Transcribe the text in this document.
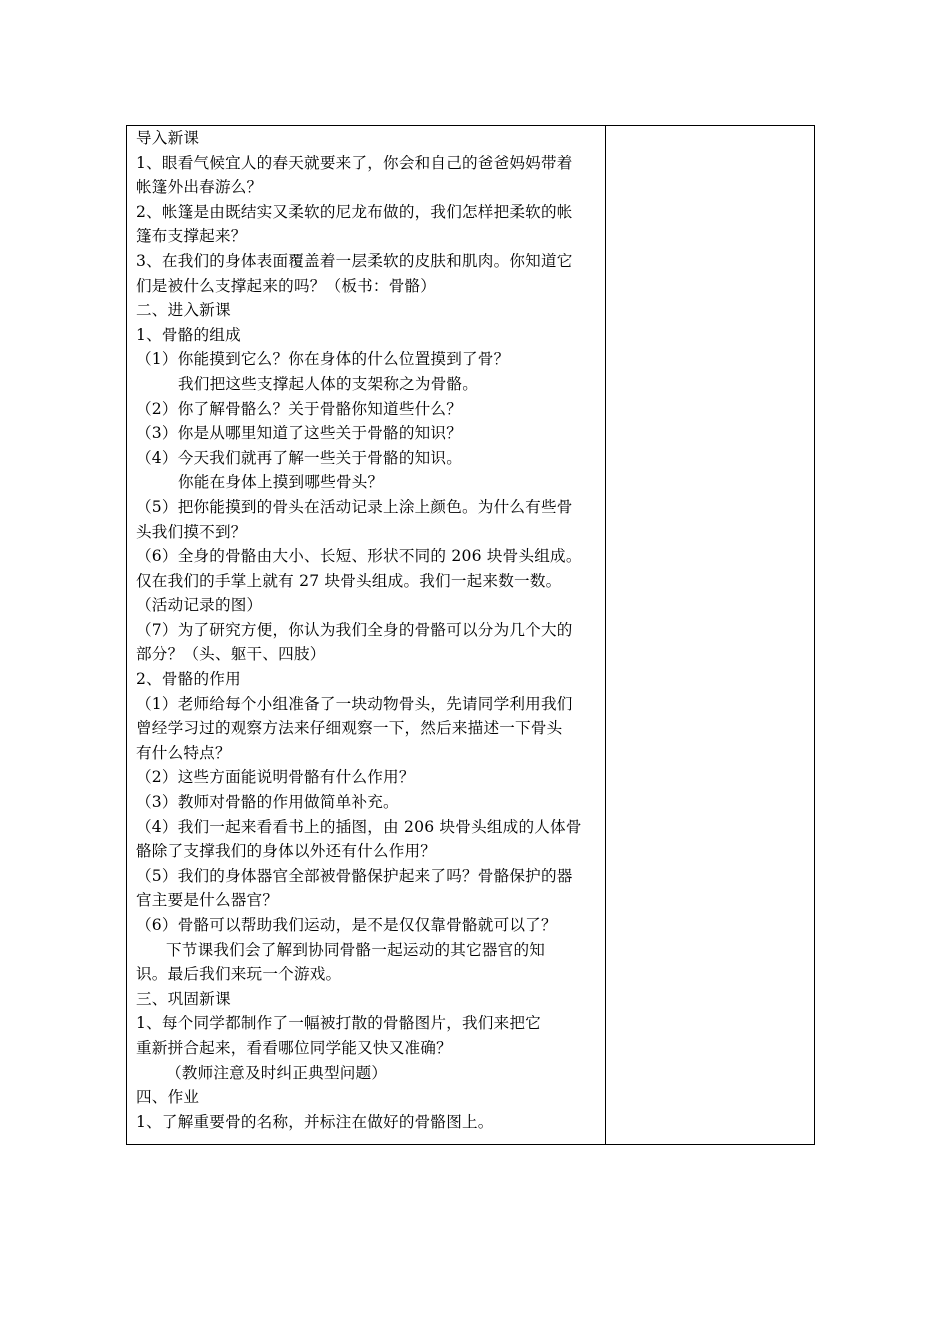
导入新课
1、眼看气候宜人的春天就要来了，你会和自己的爸爸妈妈带着
帐篷外出春游么？
2、帐篷是由既结实又柔软的尼龙布做的，我们怎样把柔软的帐
篷布支撑起来？
3、在我们的身体表面覆盖着一层柔软的皮肤和肌肉。你知道它
们是被什么支撑起来的吗？（板书：骨骼）
二、进入新课
1、骨骼的组成
（1）你能摸到它么？你在身体的什么位置摸到了骨？
我们把这些支撑起人体的支架称之为骨骼。
（2）你了解骨骼么？关于骨骼你知道些什么？
（3）你是从哪里知道了这些关于骨骼的知识？
（4）今天我们就再了解一些关于骨骼的知识。
你能在身体上摸到哪些骨头？
（5）把你能摸到的骨头在活动记录上涂上颜色。为什么有些骨
头我们摸不到？
（6）全身的骨骼由大小、长短、形状不同的 206 块骨头组成。
仅在我们的手掌上就有 27 块骨头组成。我们一起来数一数。
（活动记录的图）
（7）为了研究方便，你认为我们全身的骨骼可以分为几个大的
部分？（头、躯干、四肢）
2、骨骼的作用
（1）老师给每个小组准备了一块动物骨头，先请同学利用我们
曾经学习过的观察方法来仔细观察一下，然后来描述一下骨头
有什么特点？
（2）这些方面能说明骨骼有什么作用？
（3）教师对骨骼的作用做简单补充。
（4）我们一起来看看书上的插图，由 206 块骨头组成的人体骨
骼除了支撑我们的身体以外还有什么作用？
（5）我们的身体器官全部被骨骼保护起来了吗？骨骼保护的器
官主要是什么器官？
（6）骨骼可以帮助我们运动，是不是仅仅靠骨骼就可以了？
下节课我们会了解到协同骨骼一起运动的其它器官的知
识。最后我们来玩一个游戏。
三、巩固新课
1、每个同学都制作了一幅被打散的骨骼图片，我们来把它
重新拼合起来，看看哪位同学能又快又准确？
（教师注意及时纠正典型问题）
四、作业
1、了解重要骨的名称，并标注在做好的骨骼图上。
